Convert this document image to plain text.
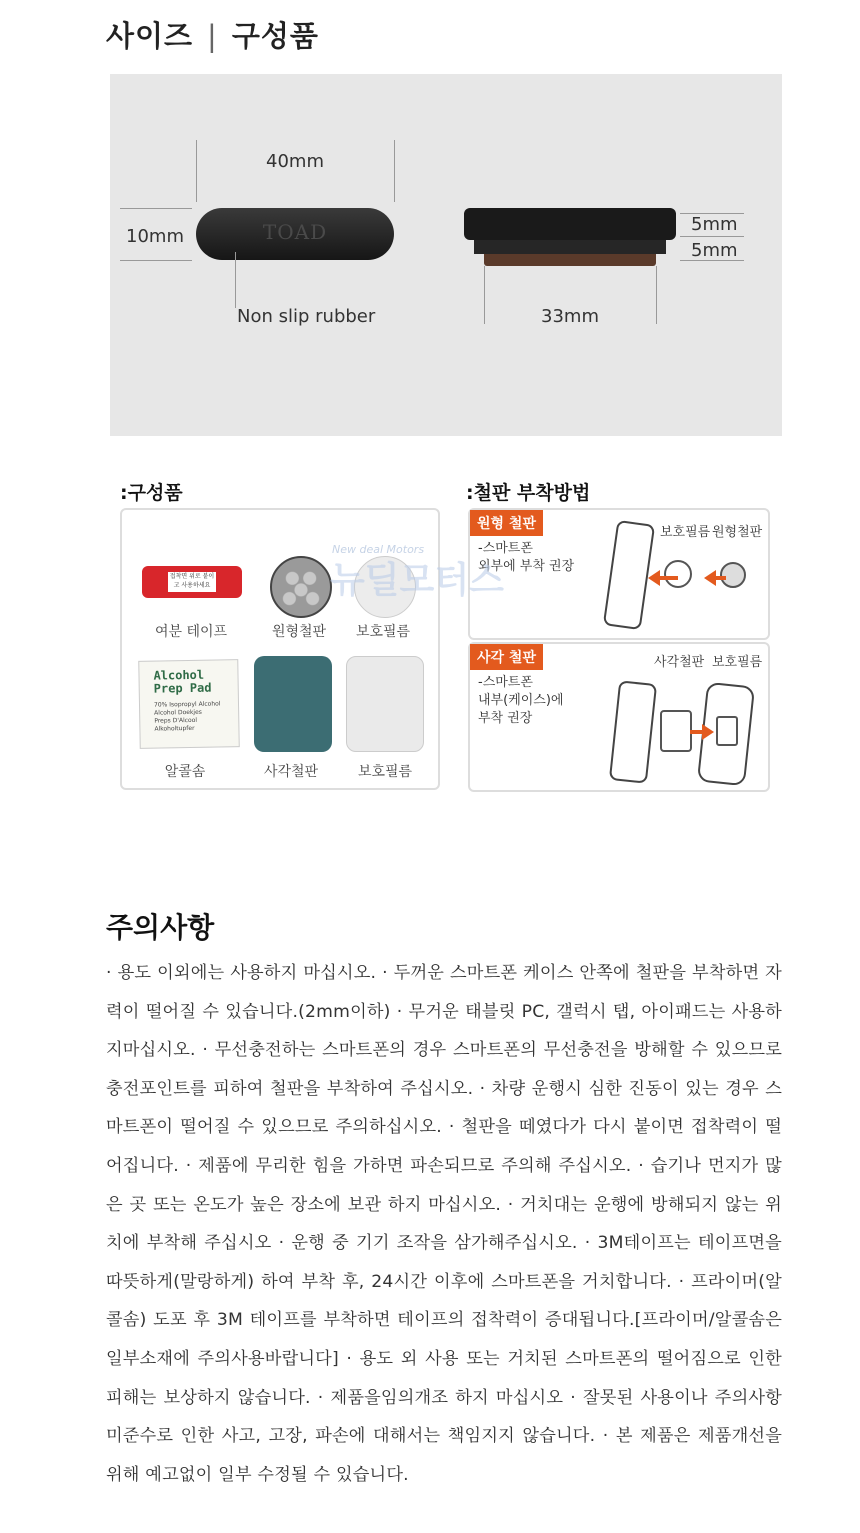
사이즈 | 구성품
40mm
10mm	TOAD
Non slip rubber
5mm
5mm
33mm
:구성품
접착면 위로 붙이고 사용하세요
여분 테이프	원형철판	보호필름
Alcohol
Prep Pad
70% Isopropyl Alcohol
Alcohol Doekjes
Preps D'Alcool
Alkoholtupfer
알콜솜	사각철판	보호필름
:철판 부착방법
원형 철판
-스마트폰
외부에 부착 권장
보호필름 원형철판
사각 철판
-스마트폰
내부(케이스)에
부착 권장
사각철판 보호필름
New deal Motors
뉴딜모터스
주의사항
· 용도 이외에는 사용하지 마십시오. · 두꺼운 스마트폰 케이스 안쪽에 철판을 부착하면 자력이 떨어질 수 있습니다.(2mm이하) · 무거운 태블릿 PC, 갤럭시 탭, 아이패드는 사용하지마십시오. · 무선충전하는 스마트폰의 경우 스마트폰의 무선충전을 방해할 수 있으므로 충전포인트를 피하여 철판을 부착하여 주십시오. · 차량 운행시 심한 진동이 있는 경우 스마트폰이 떨어질 수 있으므로 주의하십시오. · 철판을 떼였다가 다시 붙이면 접착력이 떨어집니다. · 제품에 무리한 힘을 가하면 파손되므로 주의해 주십시오. · 습기나 먼지가 많은 곳 또는 온도가 높은 장소에 보관 하지 마십시오. · 거치대는 운행에 방해되지 않는 위치에 부착해 주십시오 · 운행 중 기기 조작을 삼가해주십시오. · 3M테이프는 테이프면을 따뜻하게(말랑하게) 하여 부착 후, 24시간 이후에 스마트폰을 거치합니다. · 프라이머(알콜솜) 도포 후 3M 테이프를 부착하면 테이프의 접착력이 증대됩니다.[프라이머/알콜솜은 일부소재에 주의사용바랍니다] · 용도 외 사용 또는 거치된 스마트폰의 떨어짐으로 인한 피해는 보상하지 않습니다. · 제품을임의개조 하지 마십시오 · 잘못된 사용이나 주의사항 미준수로 인한 사고, 고장, 파손에 대해서는 책임지지 않습니다. · 본 제품은 제품개선을 위해 예고없이 일부 수정될 수 있습니다.
